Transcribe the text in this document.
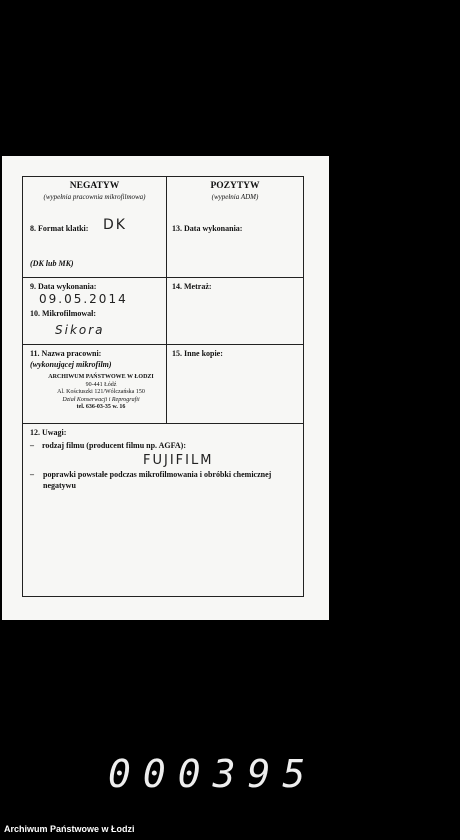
NEGATYW
(wypełnia pracownia mikrofilmowa)
POZYTYW
(wypełnia ADM)
8. Format klatki: DK
(DK lub MK)
13. Data wykonania:
9. Data wykonania:
09.05.2014
10. Mikrofilmował:
Sikora
14. Metraż:
11. Nazwa pracowni:
(wykonującej mikrofilm)
ARCHIWUM PAŃSTWOWE W ŁODZI
90-441 Łódź
Al. Kościuszki 121/Wólczańska 150
Dział Konserwacji i Reprografii
tel. 636-03-35 w. 16
15. Inne kopie:
12. Uwagi:
– rodzaj filmu (producent filmu np. AGFA):
FUJIFILM
–	poprawki powstałe podczas mikrofilmowania i obróbki chemicznej negatywu
000395
Archiwum Państwowe w Łodzi
